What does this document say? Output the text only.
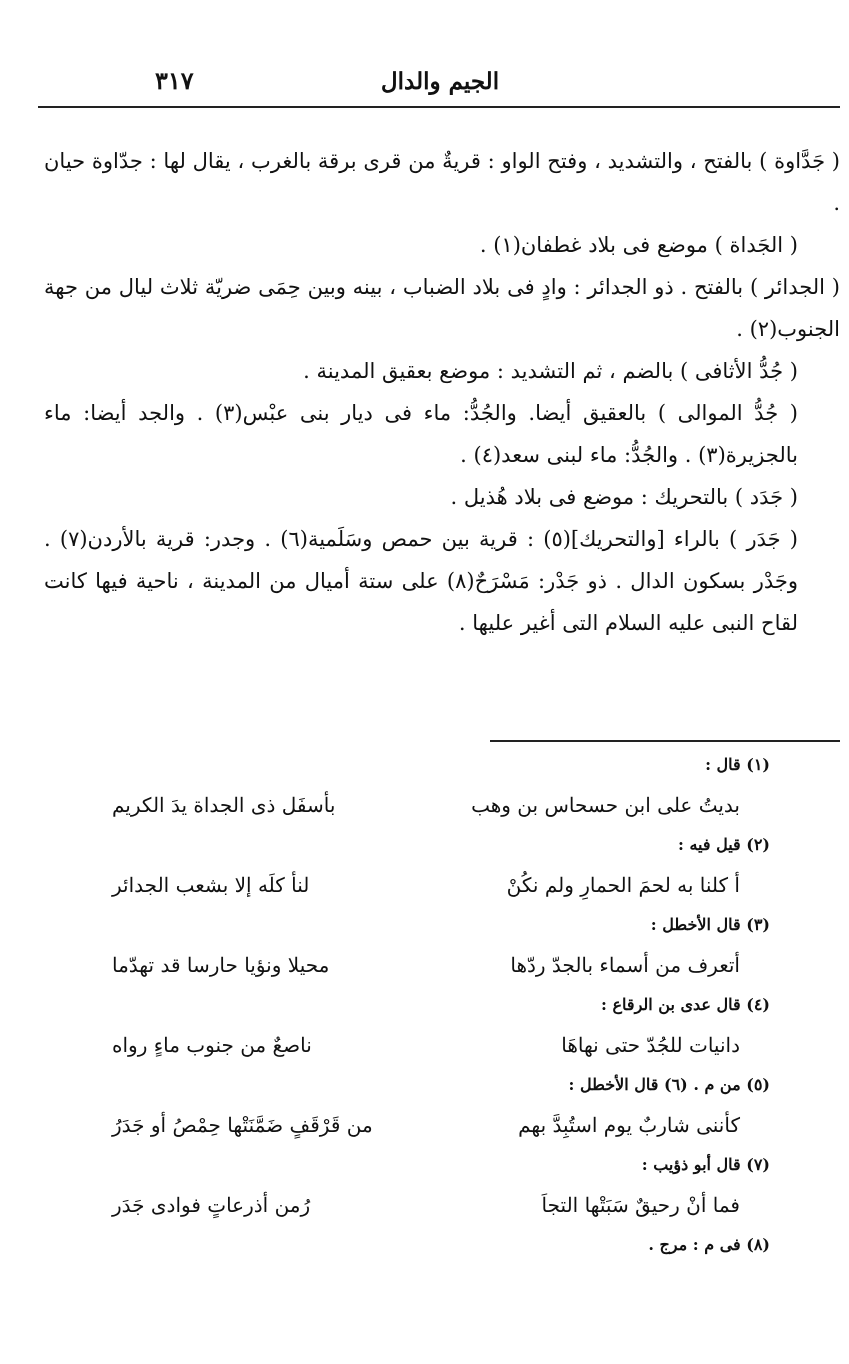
٣١٧	الجيم والدال

( جَدَّاوة ) بالفتح ، والتشديد ، وفتح الواو : قريةٌ من قرى برقة بالغرب ، يقال لها : جدّاوة حيان .

( الجَداة ) موضع فى بلاد غطفان(١) .

( الجدائر ) بالفتح . ذو الجدائر : وادٍ فى بلاد الضباب ، بينه وبين حِمَى ضريّة ثلاث ليال من جهة الجنوب(٢) .

( جُدُّ الأثافى ) بالضم ، ثم التشديد : موضع بعقيق المدينة .

( جُدُّ الموالى ) بالعقيق أيضا. والجُدُّ: ماء فى ديار بنى عبْس(٣) . والجد أيضا: ماء بالجزيرة(٣) . والجُدُّ: ماء لبنى سعد(٤) .

( جَدَد ) بالتحريك : موضع فى بلاد هُذيل .

( جَدَر ) بالراء [والتحريك](٥) : قرية بين حمص وسَلَمية(٦) . وجدر: قرية بالأردن(٧) . وجَدْر بسكون الدال . ذو جَدْر: مَسْرَحٌ(٨) على ستة أميال من المدينة ، ناحية فيها كانت لقاح النبى عليه السلام التى أغير عليها .

(١) قال :
بديتُ على ابن حسحاس بن وهب
بأسفَل ذى الجداة يدَ الكريم
(٢) قيل فيه :
أ كلنا به لحمَ الحمارِ ولم نكُنْ
لنأ كلَه إلا بشعب الجدائر
(٣) قال الأخطل :
أتعرف من أسماء بالجدّ ردّها
محيلا ونؤيا حارسا قد تهدّما
(٤) قال عدى بن الرقاع :
دانيات للجُدّ حتى نهاهَا
ناصعٌ من جنوب ماءٍ رواه
(٥) من م . (٦) قال الأخطل :
كأننى شاربٌ يوم استُبِدَّ بهم
من قَرْقَفٍ ضَمَّنَتْها حِمْصُ أو جَدَرُ
(٧) قال أبو ذؤيب :
فما أنْ رحيقٌ سَبَتْها التجاَ
رُمن أذرعاتٍ فوادى جَدَر
(٨) فى م : مرج .
